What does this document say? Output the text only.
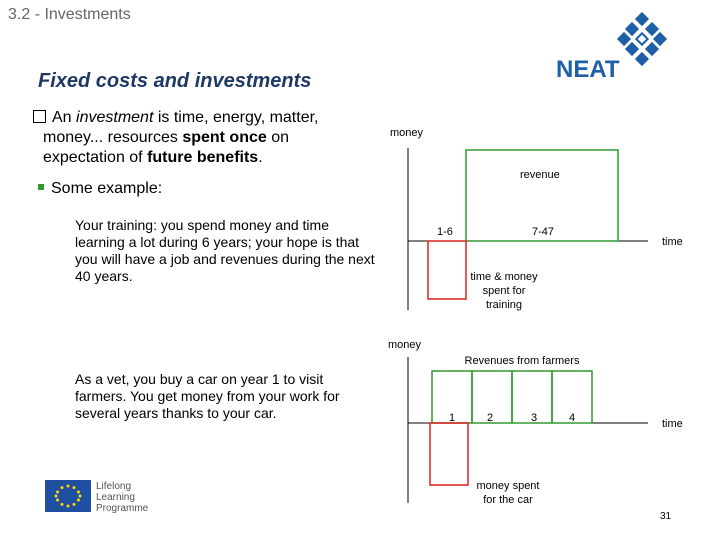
3.2 - Investments
NEAT
Fixed costs and investments
An investment is time, energy, matter,
money... resources spent once on
expectation of future benefits.
Some example:
Your training: you spend money and time learning a lot during 6 years; your hope is that you will have a job and revenues during the next 40 years.
As a vet, you buy a car on year 1 to visit farmers. You get money from your work for several years thanks to your car.
money
time
revenue
1-6	7-47
time & money
spent for
training
money
time
Revenues from farmers
1	2	3	4
money spent
for the car
Lifelong
Learning
Programme
31
